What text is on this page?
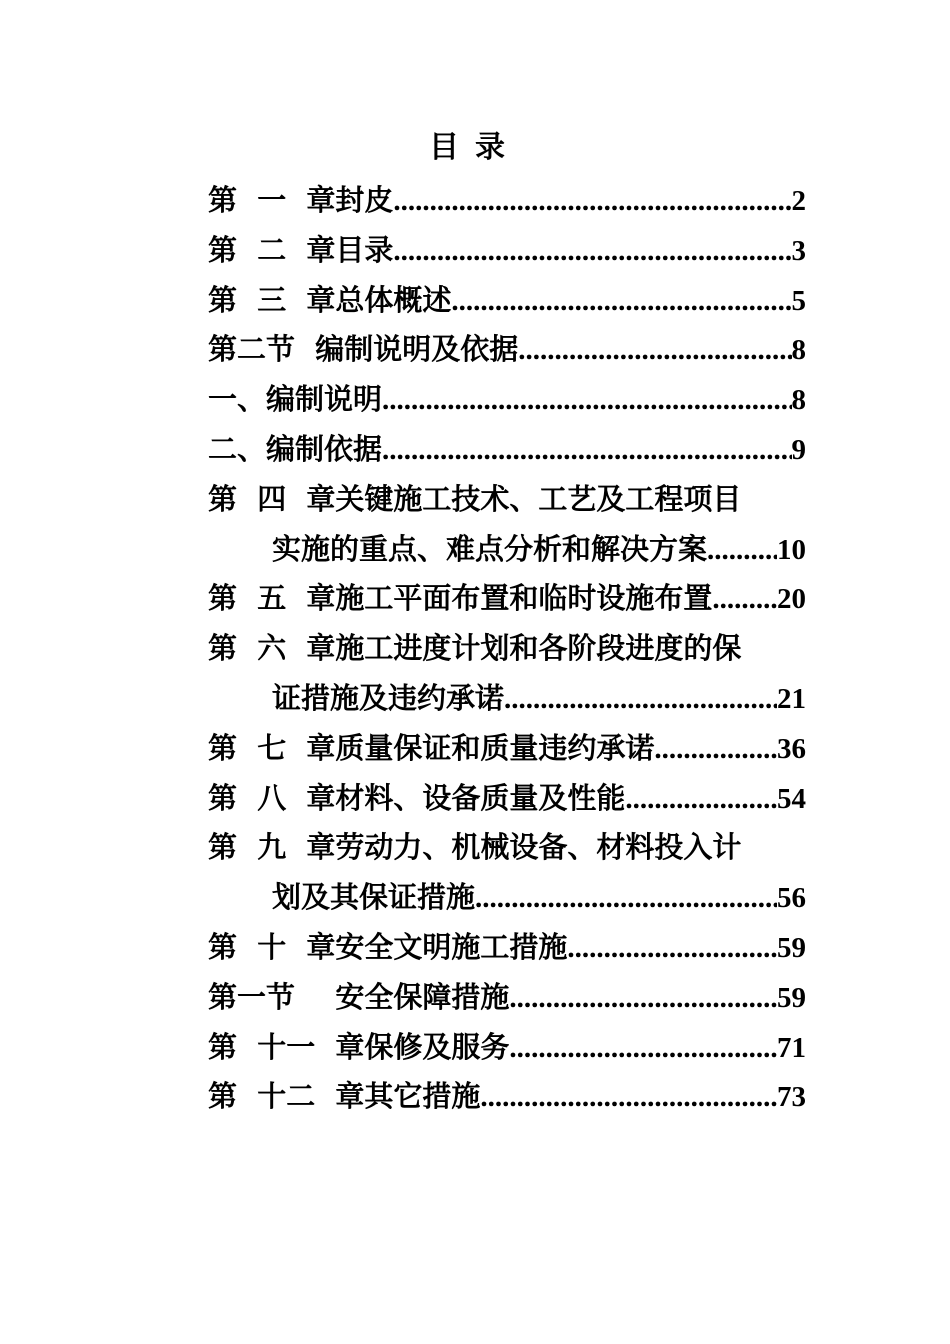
目录
第  一  章封皮 .....	2
第  二  章目录 .....	3
第  三  章总体概述 .....	5
第二节  编制说明及依据 .....	8
一、编制说明 .....	8
二、编制依据 .....	9
第  四  章关键施工技术、工艺及工程项目
实施的重点、难点分析和解决方案 ..... 10
第  五  章施工平面布置和临时设施布置 ..... 20
第  六  章施工进度计划和各阶段进度的保
证措施及违约承诺 .....	21
第  七  章质量保证和质量违约承诺 .....	36
第  八  章材料、设备质量及性能 .....	54
第  九  章劳动力、机械设备、材料投入计
划及其保证措施 .....	56
第  十  章安全文明施工措施 .....	59
第一节    安全保障措施 .....	59
第  十一  章保修及服务 .....	71
第  十二  章其它措施 .....	73
